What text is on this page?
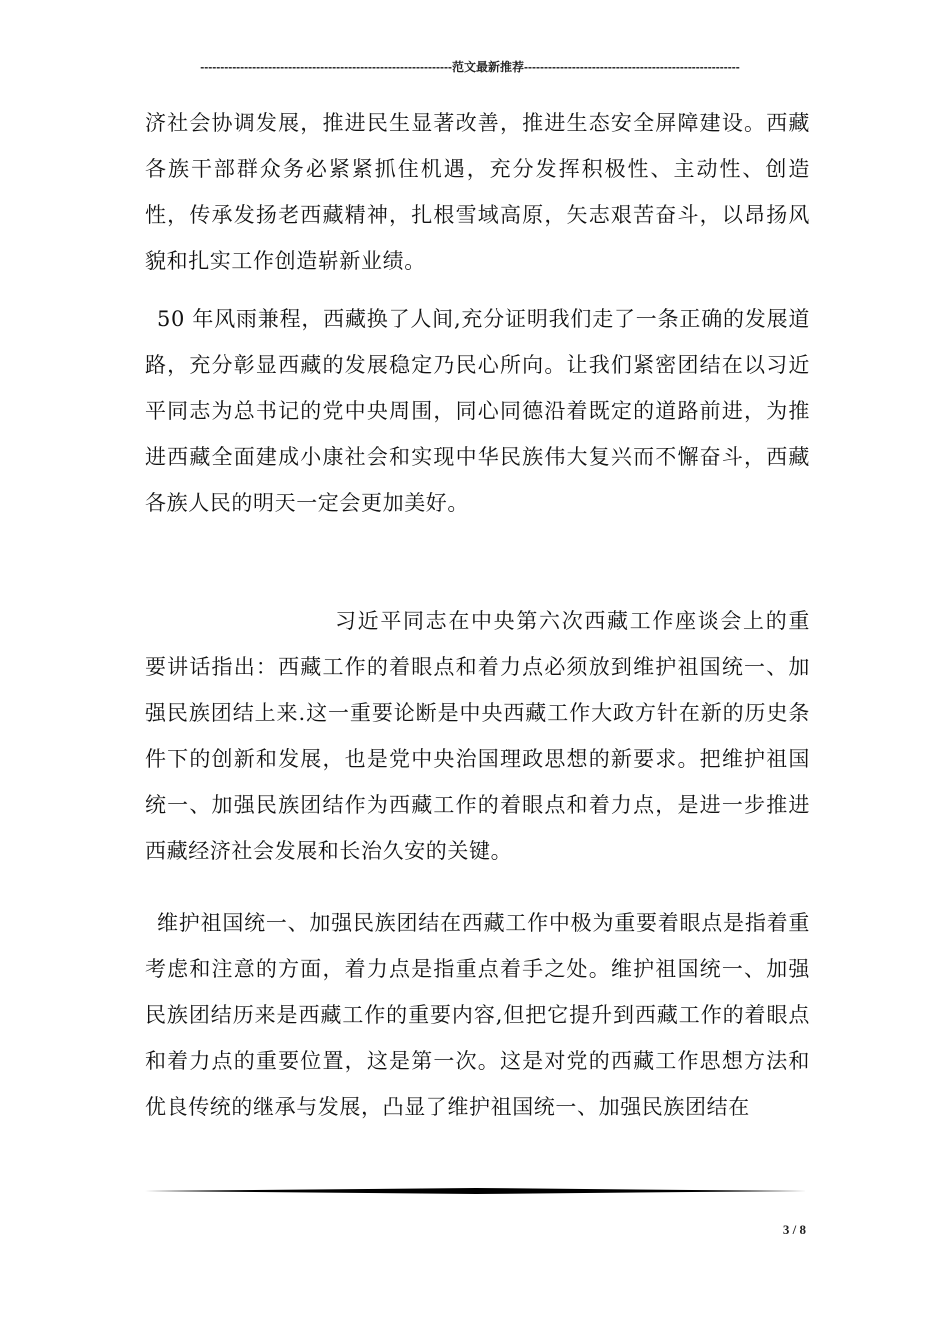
---------------------------------------------------------------范文最新推荐------------------------------------------------------

济社会协调发展，推进民生显著改善，推进生态安全屏障建设。西藏各族干部群众务必紧紧抓住机遇，充分发挥积极性、主动性、创造性，传承发扬老西藏精神，扎根雪域高原，矢志艰苦奋斗，以昂扬风貌和扎实工作创造崭新业绩。

50 年风雨兼程，西藏换了人间,充分证明我们走了一条正确的发展道路，充分彰显西藏的发展稳定乃民心所向。让我们紧密团结在以习近平同志为总书记的党中央周围，同心同德沿着既定的道路前进，为推进西藏全面建成小康社会和实现中华民族伟大复兴而不懈奋斗，西藏各族人民的明天一定会更加美好。

习近平同志在中央第六次西藏工作座谈会上的重要讲话指出：西藏工作的着眼点和着力点必须放到维护祖国统一、加强民族团结上来.这一重要论断是中央西藏工作大政方针在新的历史条件下的创新和发展，也是党中央治国理政思想的新要求。把维护祖国统一、加强民族团结作为西藏工作的着眼点和着力点，是进一步推进西藏经济社会发展和长治久安的关键。

维护祖国统一、加强民族团结在西藏工作中极为重要着眼点是指着重考虑和注意的方面，着力点是指重点着手之处。维护祖国统一、加强民族团结历来是西藏工作的重要内容,但把它提升到西藏工作的着眼点和着力点的重要位置，这是第一次。这是对党的西藏工作思想方法和优良传统的继承与发展，凸显了维护祖国统一、加强民族团结在

3 / 8
